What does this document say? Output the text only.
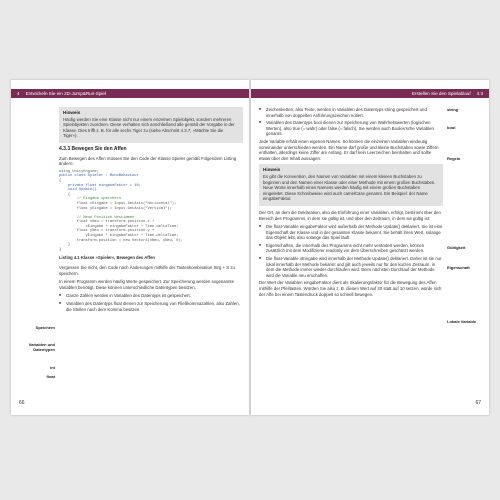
4 Entwickeln Sie ein 2D-Jump&Run-Spiel
Hinweis
Häufig werden Sie eine Klasse nicht nur einem einzelnen Spielobjekt, sondern mehreren Spielobjekten zuordnen. Diese verhalten sich anschließend alle gemäß der Vorgabe in der Klasse. Dies trifft z. B. für alle sechs Tiger zu (siehe Abschnitt 4.3.7, »Mächte Sie die Tiger«).
4.3.3 Bewegen Sie den Affen
Zum Bewegen des Affen müssen Sie den Code der Klasse Spieler gemäß Folgendem Listing ändern:
using UnityEngine;
public class Spieler : MonoBehaviour
{
private float eingabeFaktor = 10;
void Update()
{
// Eingabe speichern
float xEingabe = Input.GetAxis("Horizontal");
float yEingabe = Input.GetAxis("Vertical");

// Neue Position bestimmen
float xNeu = transform.position.x +
xEingabe * eingabeFaktor * Time.deltaTime;
float yNeu = transform.position.y +
yEingabe * eingabeFaktor * Time.deltaTime;
transform.position = new Vector3(xNeu, yNeu, 0);
}
}
Listing 4.1 Klasse »Spieler«, Bewegen des Affen
Vergessen Sie nicht, den Code nach Änderungen mithilfe der Tastenkombination Strg + S zu speichern.
In einem Programm werden häufig Werte gespeichert. Zur Speicherung werden sogenannte Variablen benötigt. Diese können unterschiedliche Datentypen besitzen.
■ Ganze Zahlen werden in Variablen des Datentyps int gespeichert.
■ Variablen des Datentyps float dienen zur Speicherung von Fließkommazahlen, also Zahlen, die Stellen nach dem Komma besitzen.
Speichern
Variablen und Datentypen
int
float
66
Erstellen Sie den Spielablauf 4.3
■ Zeichenketten, also Texte, werden in Variablen des Datentyps string gespeichert und innerhalb von doppelten Anführungszeichen notiert.
■ Variablen des Datentyps bool dienen zur Speicherung von Wahrheitswerten (logischen Werten), also true (= wahr) oder false (= falsch). Sie werden auch Booles'sche Variablen genannt.
Jede Variable erhält einen eigenen Namen. So können die einzelnen Variablen eindeutig voneinander unterschieden werden. Ein Name darf große und kleine Buchstaben sowie Ziffern enthalten, allerdings keine Ziffer am Anfang. Er darf kein Leerzeichen beinhalten und sollte etwas über den Inhalt aussagen.
Hinweis
Es gibt die Konvention, den Namen von Variablen mit einem kleinen Buchstaben zu beginnen und den Namen einer Klasse oder einer Methode mit einem großen Buchstaben. Neue Worte innerhalb eines Namens werden häufig mit einem großen Buchstaben eingeleitet. Diese Schreibweise wird auch camelCase genannt. Ein Beispiel: der Name eingabeFaktor.
Der Ort, an dem die Deklaration, also die Einführung einer Variablen, erfolgt, bestimmt über den Bereich des Programms, in dem sie gültig ist, und über den Zeitraum, in dem sie gültig ist:
■ Die float-Variable eingabeFaktor wird außerhalb der Methode Update() deklariert. Sie ist eine Eigenschaft der Klasse und in der gesamten Klasse bekannt. Sie behält ihren Wert, solange das Objekt lebt, also solange das Spiel läuft.
■ Eigenschaften, die innerhalb des Programms nicht mehr verändert werden, können zusätzlich mit dem Modifizierer readonly vor dem Überschreiben geschützt werden.
■ Die float-Variable xEingabe wird innerhalb der Methode Update() deklariert. Daher ist sie nur lokal innerhalb der Methode bekannt und gilt auch jeweils nur für den kurzen Zeitraum, in dem die Methode immer wieder durchlaufen wird. Beim nächsten Durchlauf der Methode wird die Variable neu erschaffen.
Der Wert der Variablen eingabeFaktor dient als Skalierungsfaktor für die Bewegung des Affen mithilfe der Pfeiltasten. Würden Sie also z. B. diesen Wert auf 20 statt auf 10 setzen, würde sich der Affe bei einem Tastendruck doppelt so schnell bewegen.
string
bool
Regeln
Gültigkeit
Eigenschaft
Lokale Variable
67
